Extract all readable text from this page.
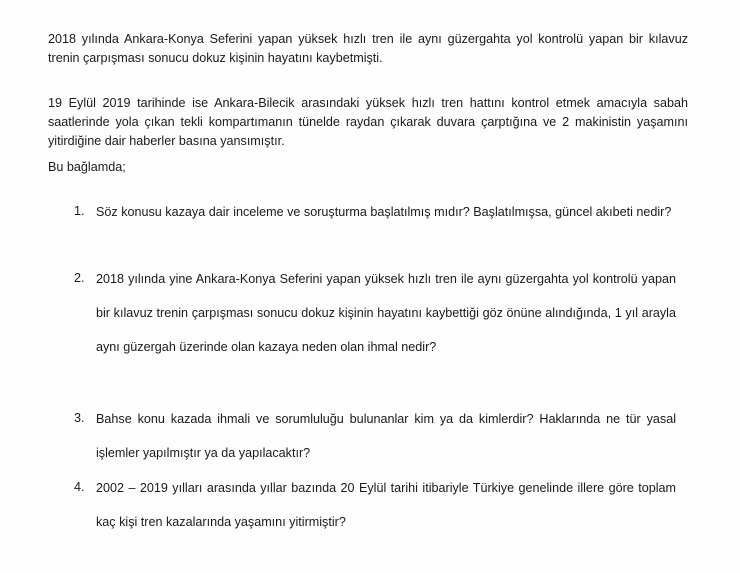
2018 yılında Ankara-Konya Seferini yapan yüksek hızlı tren ile aynı güzergahta yol kontrolü yapan bir kılavuz trenin çarpışması sonucu dokuz kişinin hayatını kaybetmişti.
19 Eylül 2019 tarihinde ise Ankara-Bilecik arasındaki yüksek hızlı tren hattını kontrol etmek amacıyla sabah saatlerinde yola çıkan tekli kompartımanın tünelde raydan çıkarak duvara çarptığına ve 2 makinistin yaşamını yitirdiğine dair haberler basına yansımıştır.
Bu bağlamda;
1. Söz konusu kazaya dair inceleme ve soruşturma başlatılmış mıdır? Başlatılmışsa, güncel akıbeti nedir?
2. 2018 yılında yine Ankara-Konya Seferini yapan yüksek hızlı tren ile aynı güzergahta yol kontrolü yapan bir kılavuz trenin çarpışması sonucu dokuz kişinin hayatını kaybettiği göz önüne alındığında, 1 yıl arayla aynı güzergah üzerinde olan kazaya neden olan ihmal nedir?
3. Bahse konu kazada ihmali ve sorumluluğu bulunanlar kim ya da kimlerdir? Haklarında ne tür yasal işlemler yapılmıştır ya da yapılacaktır?
4. 2002 – 2019 yılları arasında yıllar bazında 20 Eylül tarihi itibariyle Türkiye genelinde illere göre toplam kaç kişi tren kazalarında yaşamını yitirmiştir?
